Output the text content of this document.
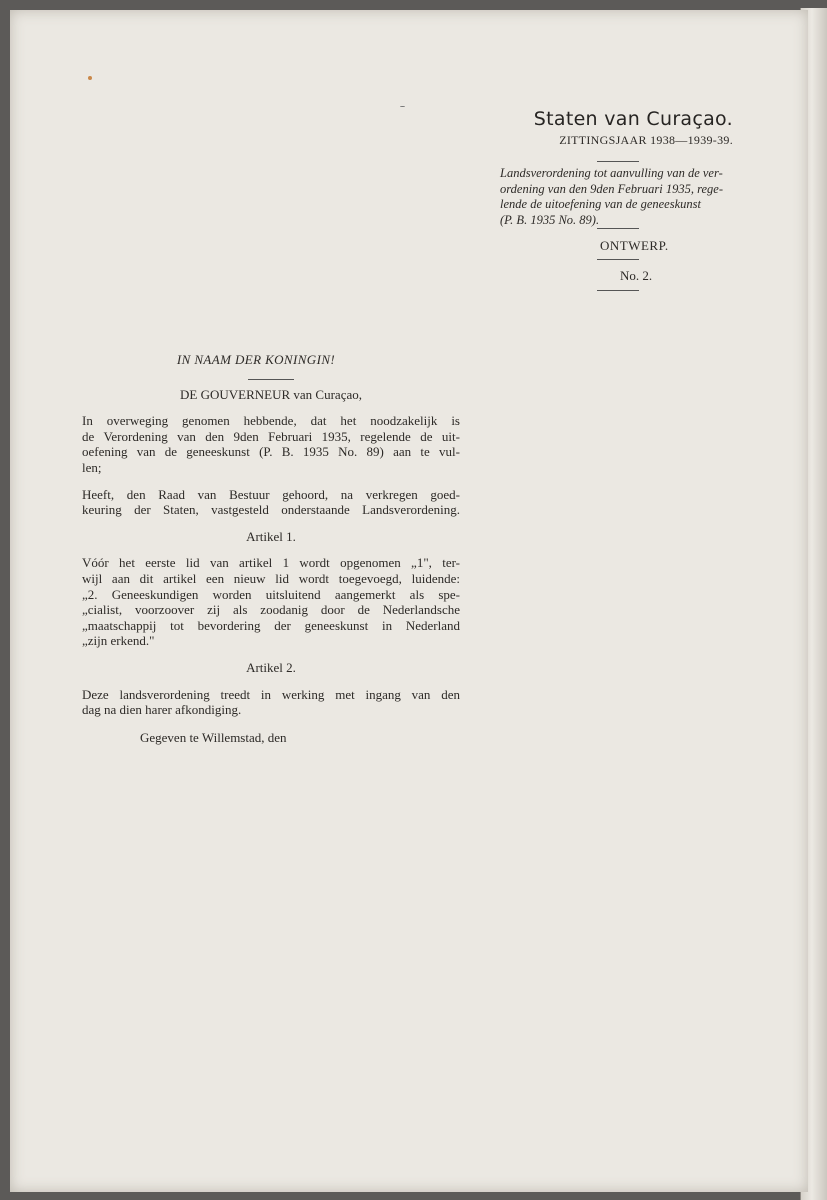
Staten van Curaçao.
ZITTINGSJAAR 1938—1939-39.
Landsverordening tot aanvulling van de ver-
ordening van den 9den Februari 1935, rege-
lende de uitoefening van de geneeskunst
(P. B. 1935 No. 89).
ONTWERP.
No. 2.
IN NAAM DER KONINGIN!
DE GOUVERNEUR van Curaçao,
In overweging genomen hebbende, dat het noodzakelijk is
de Verordening van den 9den Februari 1935, regelende de uit-
oefening van de geneeskunst (P. B. 1935 No. 89) aan te vul-
len;
Heeft, den Raad van Bestuur gehoord, na verkregen goed-
keuring der Staten, vastgesteld onderstaande Landsverordening.
Artikel 1.
Vóór het eerste lid van artikel 1 wordt opgenomen „1", ter-
wijl aan dit artikel een nieuw lid wordt toegevoegd, luidende:
„2. Geneeskundigen worden uitsluitend aangemerkt als spe-
„cialist, voorzoover zij als zoodanig door de Nederlandsche
„maatschappij tot bevordering der geneeskunst in Nederland
„zijn erkend."
Artikel 2.
Deze landsverordening treedt in werking met ingang van den
dag na dien harer afkondiging.
Gegeven te Willemstad, den
